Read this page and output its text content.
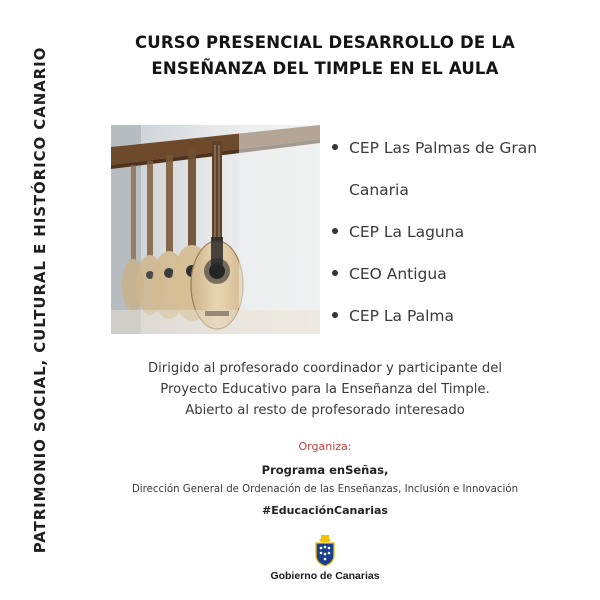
PATRIMONIO SOCIAL, CULTURAL E HISTÓRICO CANARIO
CURSO PRESENCIAL DESARROLLO DE LA
ENSEÑANZA DEL TIMPLE EN EL AULA
CEP Las Palmas de Gran Canaria
CEP La Laguna
CEO Antigua
CEP La Palma
Dirigido al profesorado coordinador y participante del
Proyecto Educativo para la Enseñanza del Timple.
Abierto al resto de profesorado interesado
Organiza:
Programa enSeñas,
Dirección General de Ordenación de las Enseñanzas, Inclusión e Innovación
#EducaciónCanarias
Gobierno de Canarias
